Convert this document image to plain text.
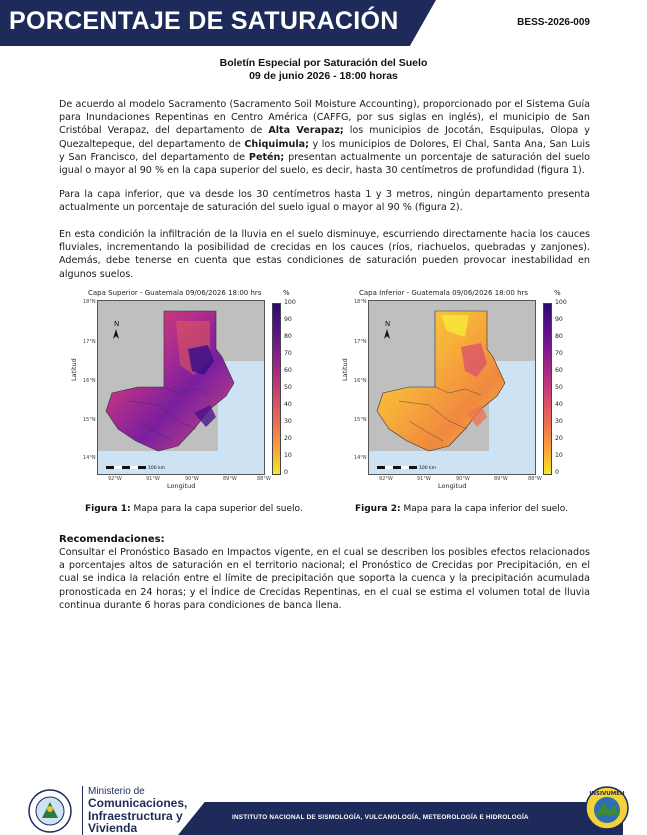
PORCENTAJE DE SATURACIÓN	BESS-2026-009
Boletín Especial por Saturación del Suelo
09 de junio 2026 - 18:00 horas
De acuerdo al modelo Sacramento (Sacramento Soil Moisture Accounting), proporcionado por el Sistema Guía para Inundaciones Repentinas en Centro América (CAFFG, por sus siglas en inglés), el municipio de San Cristóbal Verapaz, del departamento de Alta Verapaz; los municipios de Jocotán, Esquipulas, Olopa y Quezaltepeque, del departamento de Chiquimula; y los municipios de Dolores, El Chal, Santa Ana, San Luis y San Francisco, del departamento de Petén; presentan actualmente un porcentaje de saturación del suelo igual o mayor al 90 % en la capa superior del suelo, es decir, hasta 30 centímetros de profundidad (figura 1).
Para la capa inferior, que va desde los 30 centímetros hasta 1 y 3 metros, ningún departamento presenta actualmente un porcentaje de saturación del suelo igual o mayor al 90 % (figura 2).
En esta condición la infiltración de la lluvia en el suelo disminuye, escurriendo directamente hacia los cauces fluviales, incrementando la posibilidad de crecidas en los cauces (ríos, riachuelos, quebradas y zanjones). Además, debe tenerse en cuenta que estas condiciones de saturación pueden provocar inestabilidad en algunos suelos.
Capa Superior - Guatemala 09/06/2026 18:00 hrs
N
100 km
%
100
90
80
70
60
50
40
30
20
10
0
18°N
17°N
16°N
15°N
14°N
92°W	91°W	90°W	89°W	88°W
Latitud
Longitud
Capa Inferior - Guatemala 09/06/2026 18:00 hrs
N
100 km
%
100
90
80
70
60
50
40
30
20
10
0
18°N
17°N
16°N
15°N
14°N
92°W	91°W	90°W	89°W	88°W
Latitud
Longitud
Figura 1: Mapa para la capa superior del suelo.	Figura 2: Mapa para la capa inferior del suelo.
Recomendaciones:
Consultar el Pronóstico Basado en Impactos vigente, en el cual se describen los posibles efectos relacionados a porcentajes altos de saturación en el territorio nacional; el Pronóstico de Crecidas por Precipitación, en el cual se indica la relación entre el límite de precipitación que soporta la cuenca y la precipitación acumulada pronosticada en 24 horas; y el Índice de Crecidas Repentinas, en el cual se estima el volumen total de lluvia continua durante 6 horas para condiciones de banca llena.
Ministerio de
Comunicaciones,
Infraestructura y
Vivienda
INSTITUTO NACIONAL DE SISMOLOGÍA, VULCANOLOGÍA, METEOROLOGÍA E HIDROLOGÍA
INSIVUMEH
